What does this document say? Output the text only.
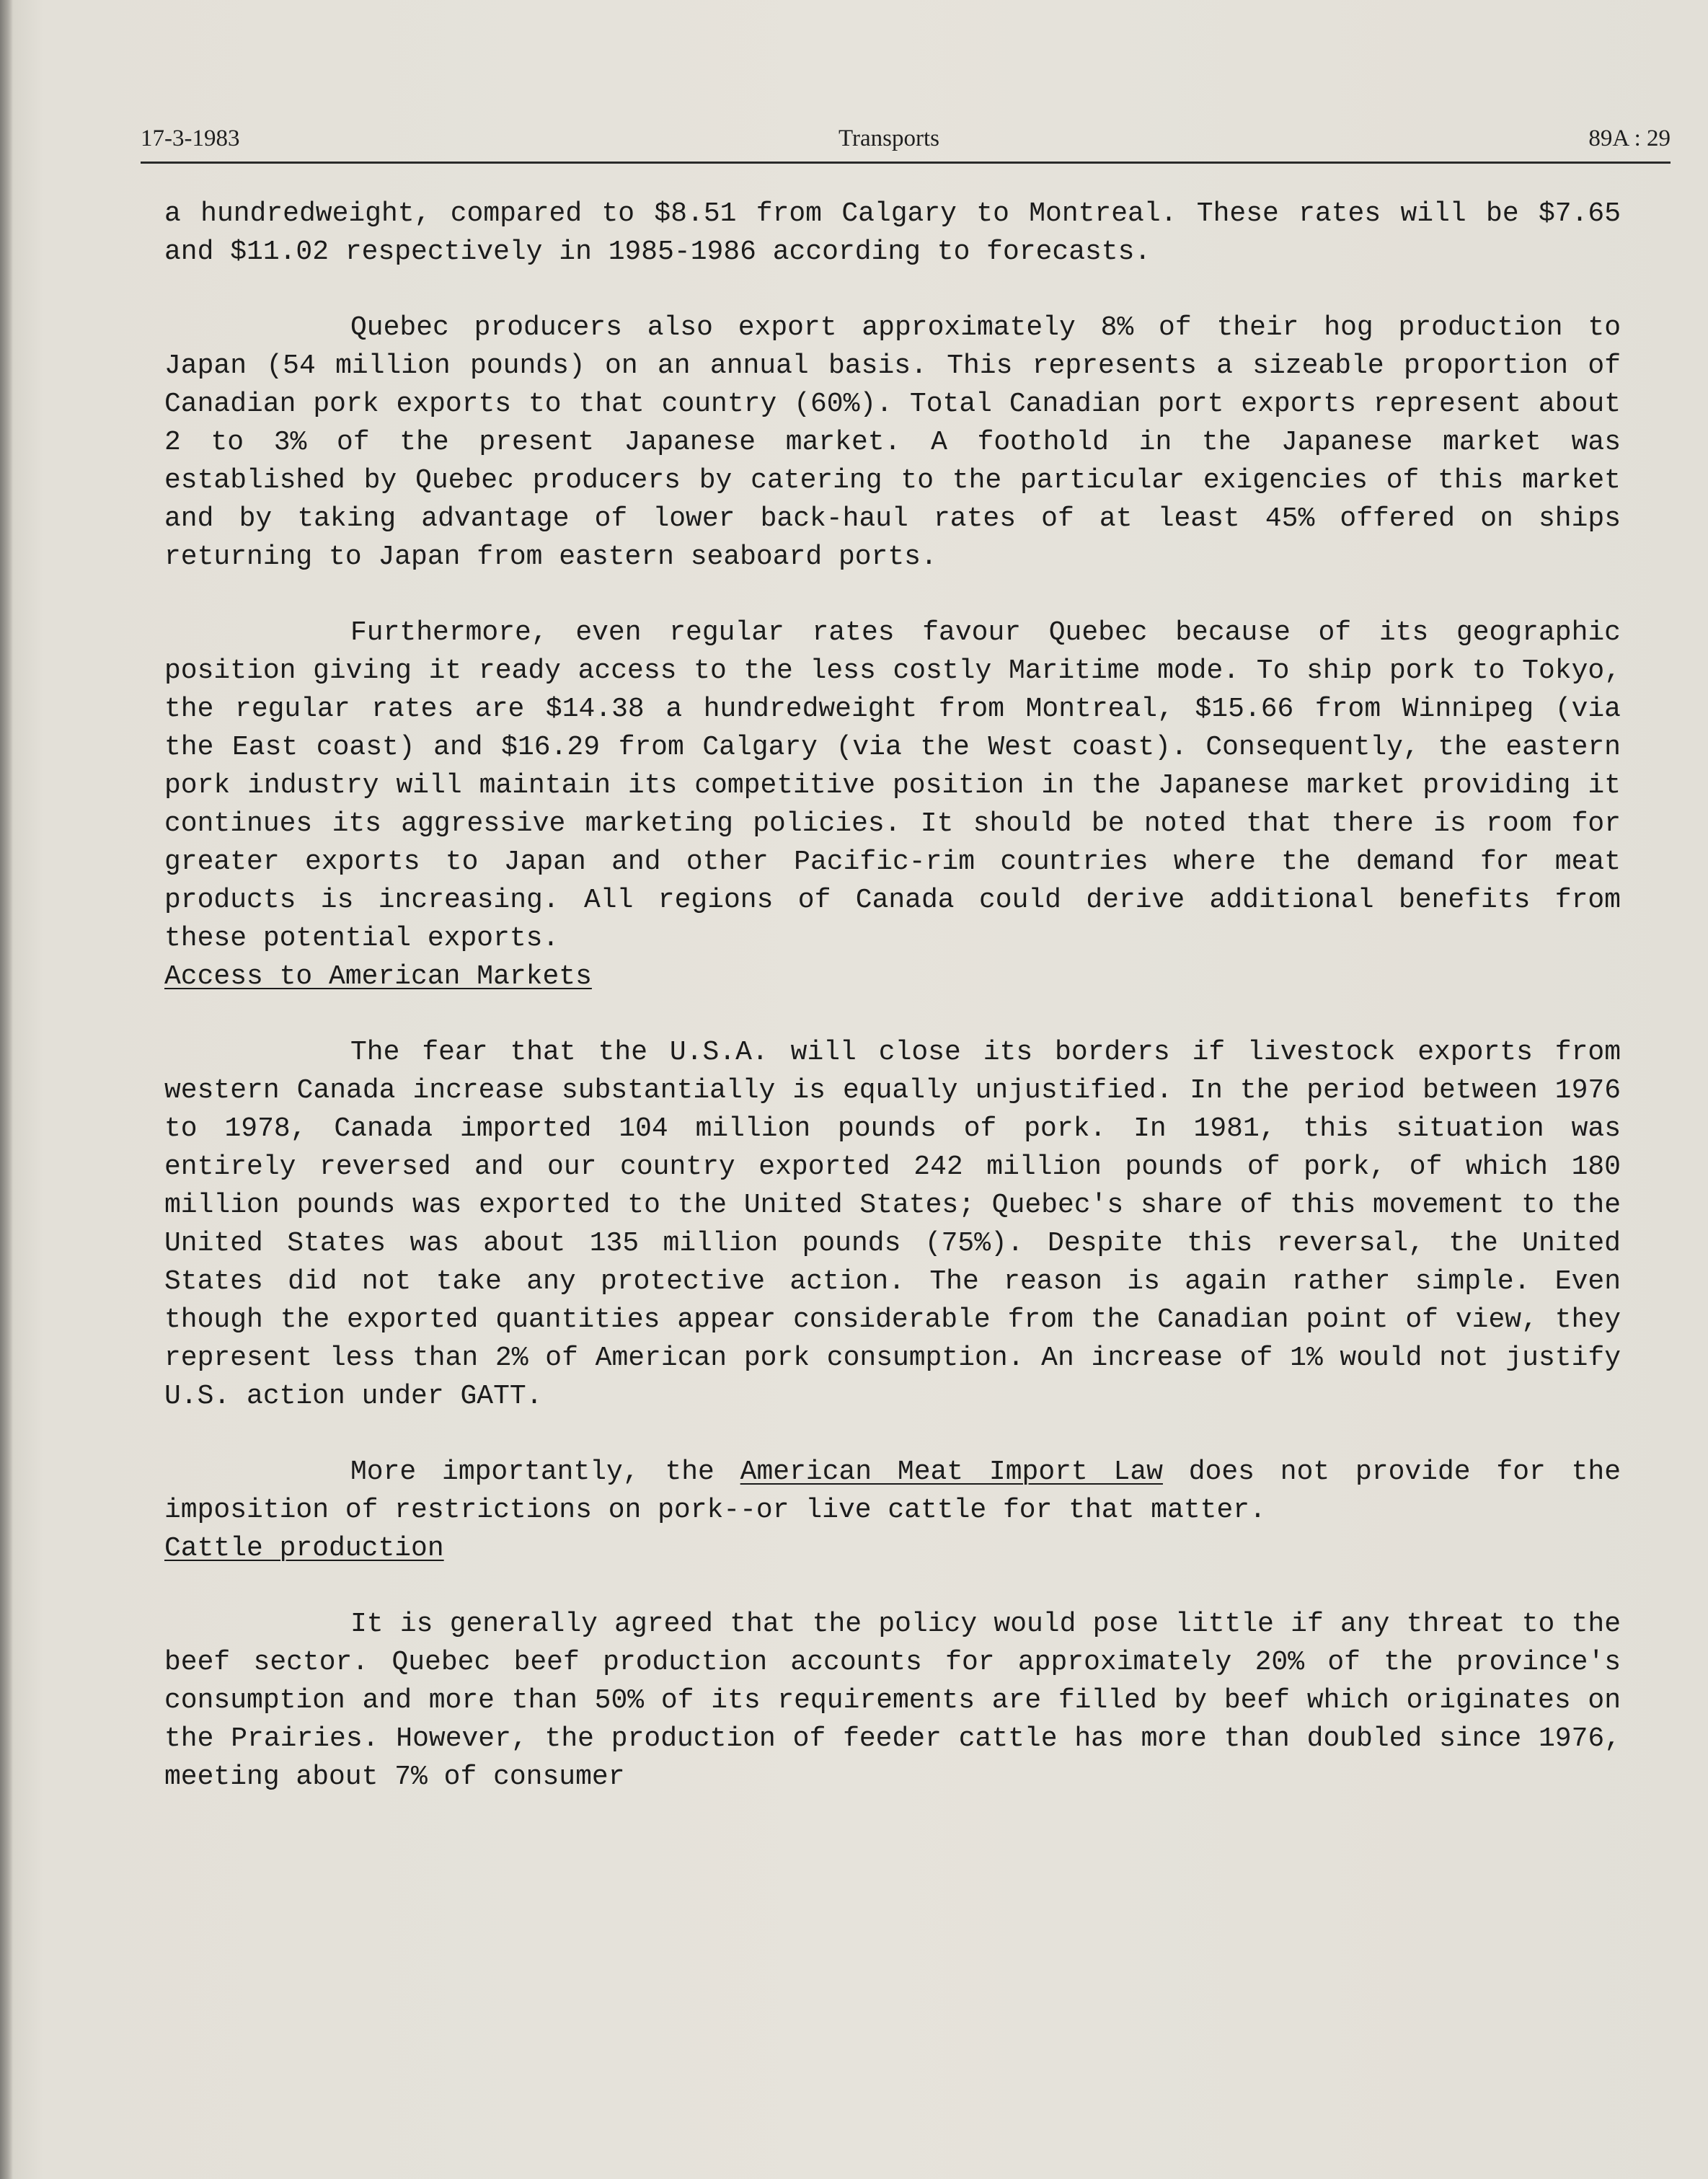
17-3-1983	Transports	89A : 29

a hundredweight, compared to $8.51 from Calgary to Montreal. These rates will be $7.65 and $11.02 respectively in 1985-1986 according to forecasts.

Quebec producers also export approximately 8% of their hog production to Japan (54 million pounds) on an annual basis. This represents a sizeable proportion of Canadian pork exports to that country (60%). Total Canadian port exports represent about 2 to 3% of the present Japanese market. A foothold in the Japanese market was established by Quebec producers by catering to the particular exigencies of this market and by taking advantage of lower back-haul rates of at least 45% offered on ships returning to Japan from eastern seaboard ports.

Furthermore, even regular rates favour Quebec because of its geographic position giving it ready access to the less costly Maritime mode. To ship pork to Tokyo, the regular rates are $14.38 a hundredweight from Montreal, $15.66 from Winnipeg (via the East coast) and $16.29 from Calgary (via the West coast). Consequently, the eastern pork industry will maintain its competitive position in the Japanese market providing it continues its aggressive marketing policies. It should be noted that there is room for greater exports to Japan and other Pacific-rim countries where the demand for meat products is increasing. All regions of Canada could derive additional benefits from these potential exports.

Access to American Markets

The fear that the U.S.A. will close its borders if livestock exports from western Canada increase substantially is equally unjustified. In the period between 1976 to 1978, Canada imported 104 million pounds of pork. In 1981, this situation was entirely reversed and our country exported 242 million pounds of pork, of which 180 million pounds was exported to the United States; Quebec's share of this movement to the United States was about 135 million pounds (75%). Despite this reversal, the United States did not take any protective action. The reason is again rather simple. Even though the exported quantities appear considerable from the Canadian point of view, they represent less than 2% of American pork consumption. An increase of 1% would not justify U.S. action under GATT.

More importantly, the American Meat Import Law does not provide for the imposition of restrictions on pork--or live cattle for that matter.

Cattle production

It is generally agreed that the policy would pose little if any threat to the beef sector. Quebec beef production accounts for approximately 20% of the province's consumption and more than 50% of its requirements are filled by beef which originates on the Prairies. However, the production of feeder cattle has more than doubled since 1976, meeting about 7% of consumer
